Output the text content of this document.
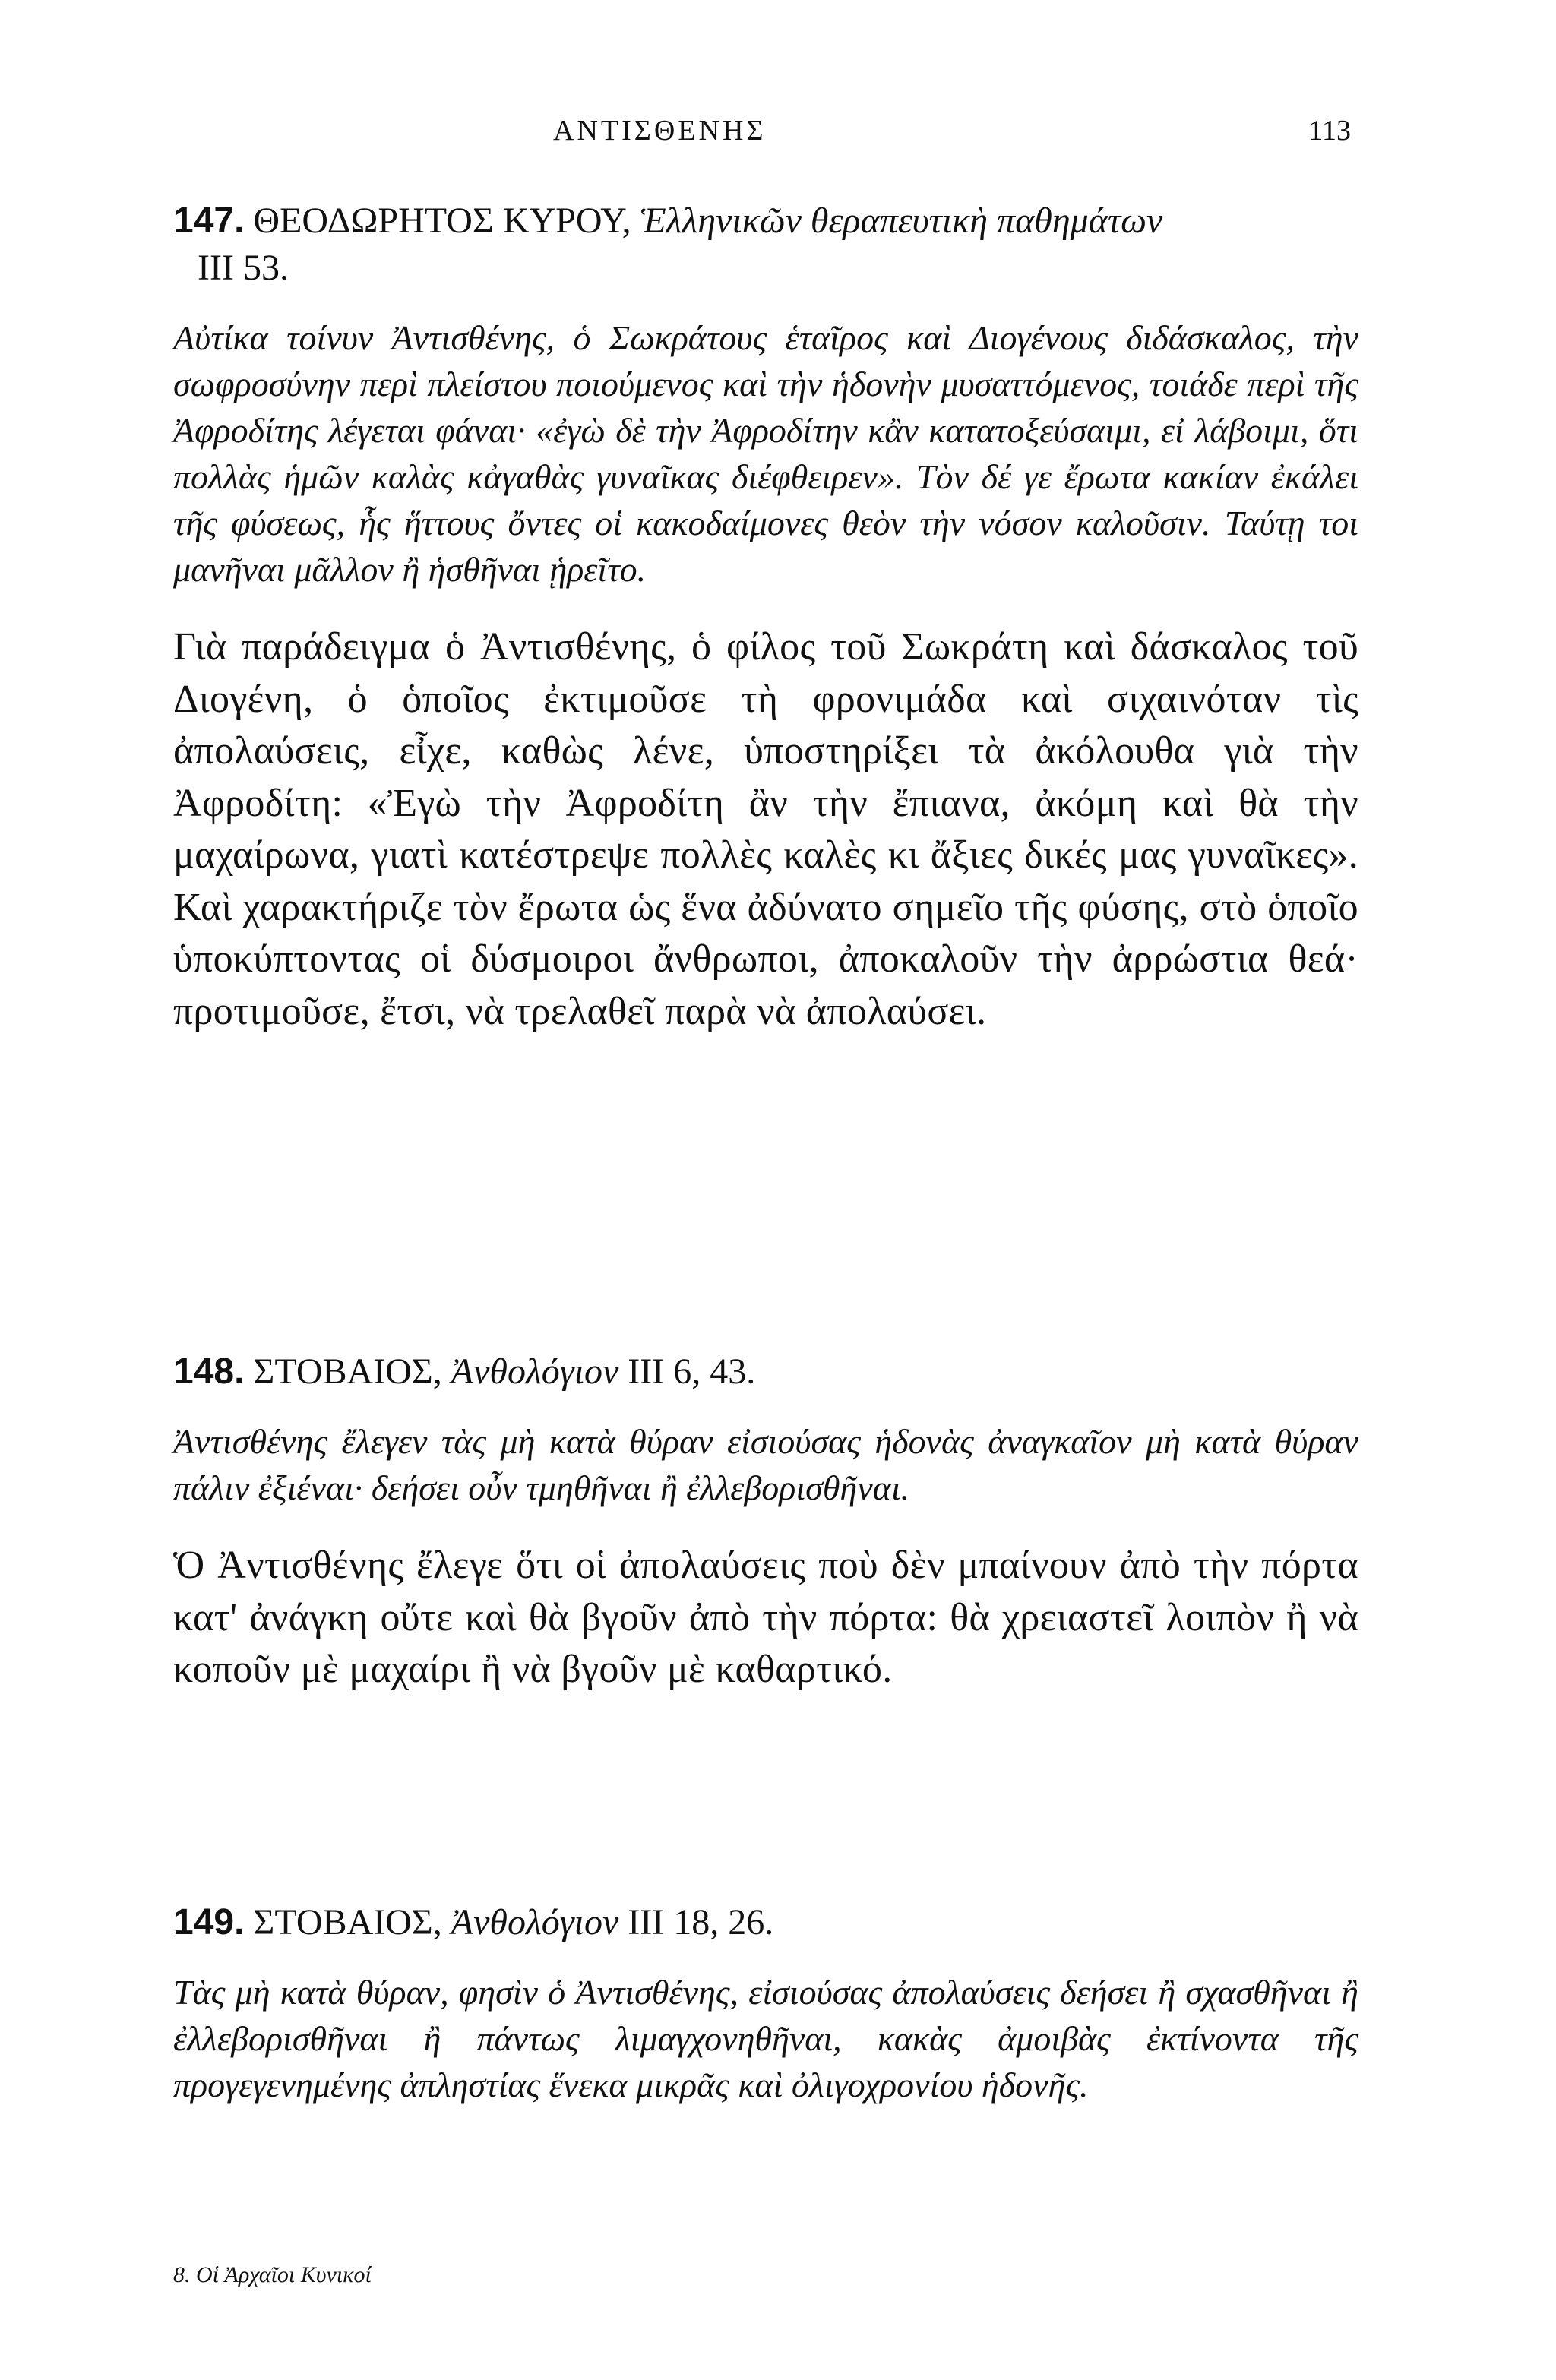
ΑΝΤΙΣΘΕΝΗΣ	113

147. ΘΕΟΔΩΡΗΤΟΣ ΚΥΡΟΥ, Ἑλληνικῶν θεραπευτικὴ παθημάτων
III 53.

Αὐτίκα τοίνυν Ἀντισθένης, ὁ Σωκράτους ἑταῖρος καὶ Διογένους διδάσκαλος, τὴν σωφροσύνην περὶ πλείστου ποιούμενος καὶ τὴν ἡδονὴν μυσαττόμενος, τοιάδε περὶ τῆς Ἀφροδίτης λέγεται φάναι· «ἐγὼ δὲ τὴν Ἀφροδίτην κἂν κατατοξεύσαιμι, εἰ λάβοιμι, ὅτι πολλὰς ἡμῶν καλὰς κἀγαθὰς γυναῖκας διέφθειρεν». Τὸν δέ γε ἔρωτα κακίαν ἐκάλει τῆς φύσεως, ἧς ἥττους ὄντες οἱ κακοδαίμονες θεὸν τὴν νόσον καλοῦσιν. Ταύτῃ τοι μανῆναι μᾶλλον ἢ ἡσθῆναι ᾑρεῖτο.

Γιὰ παράδειγμα ὁ Ἀντισθένης, ὁ φίλος τοῦ Σωκράτη καὶ δάσκαλος τοῦ Διογένη, ὁ ὁποῖος ἐκτιμοῦσε τὴ φρονιμάδα καὶ σιχαινόταν τὶς ἀπολαύσεις, εἶχε, καθὼς λένε, ὑποστηρίξει τὰ ἀκόλουθα γιὰ τὴν Ἀφροδίτη: «Ἐγὼ τὴν Ἀφροδίτη ἂν τὴν ἔπιανα, ἀκόμη καὶ θὰ τὴν μαχαίρωνα, γιατὶ κατέστρεψε πολλὲς καλὲς κι ἄξιες δικές μας γυναῖκες». Καὶ χαρακτήριζε τὸν ἔρωτα ὡς ἕνα ἀδύνατο σημεῖο τῆς φύσης, στὸ ὁποῖο ὑποκύπτοντας οἱ δύσμοιροι ἄνθρωποι, ἀποκαλοῦν τὴν ἀρρώστια θεά· προτιμοῦσε, ἔτσι, νὰ τρελαθεῖ παρὰ νὰ ἀπολαύσει.

148. ΣΤΟΒΑΙΟΣ, Ἀνθολόγιον III 6, 43.

Ἀντισθένης ἔλεγεν τὰς μὴ κατὰ θύραν εἰσιούσας ἡδονὰς ἀναγκαῖον μὴ κατὰ θύραν πάλιν ἐξιέναι· δεήσει οὖν τμηθῆναι ἢ ἐλλεβορισθῆναι.

Ὁ Ἀντισθένης ἔλεγε ὅτι οἱ ἀπολαύσεις ποὺ δὲν μπαίνουν ἀπὸ τὴν πόρτα κατ' ἀνάγκη οὔτε καὶ θὰ βγοῦν ἀπὸ τὴν πόρτα: θὰ χρειαστεῖ λοιπὸν ἢ νὰ κοποῦν μὲ μαχαίρι ἢ νὰ βγοῦν μὲ καθαρτικό.

149. ΣΤΟΒΑΙΟΣ, Ἀνθολόγιον III 18, 26.

Τὰς μὴ κατὰ θύραν, φησὶν ὁ Ἀντισθένης, εἰσιούσας ἀπολαύσεις δεήσει ἢ σχασθῆναι ἢ ἐλλεβορισθῆναι ἢ πάντως λιμαγχονηθῆναι, κακὰς ἀμοιβὰς ἐκτίνοντα τῆς προγεγενημένης ἀπληστίας ἕνεκα μικρᾶς καὶ ὀλιγοχρονίου ἡδονῆς.

8. Οἱ Ἀρχαῖοι Κυνικοί
